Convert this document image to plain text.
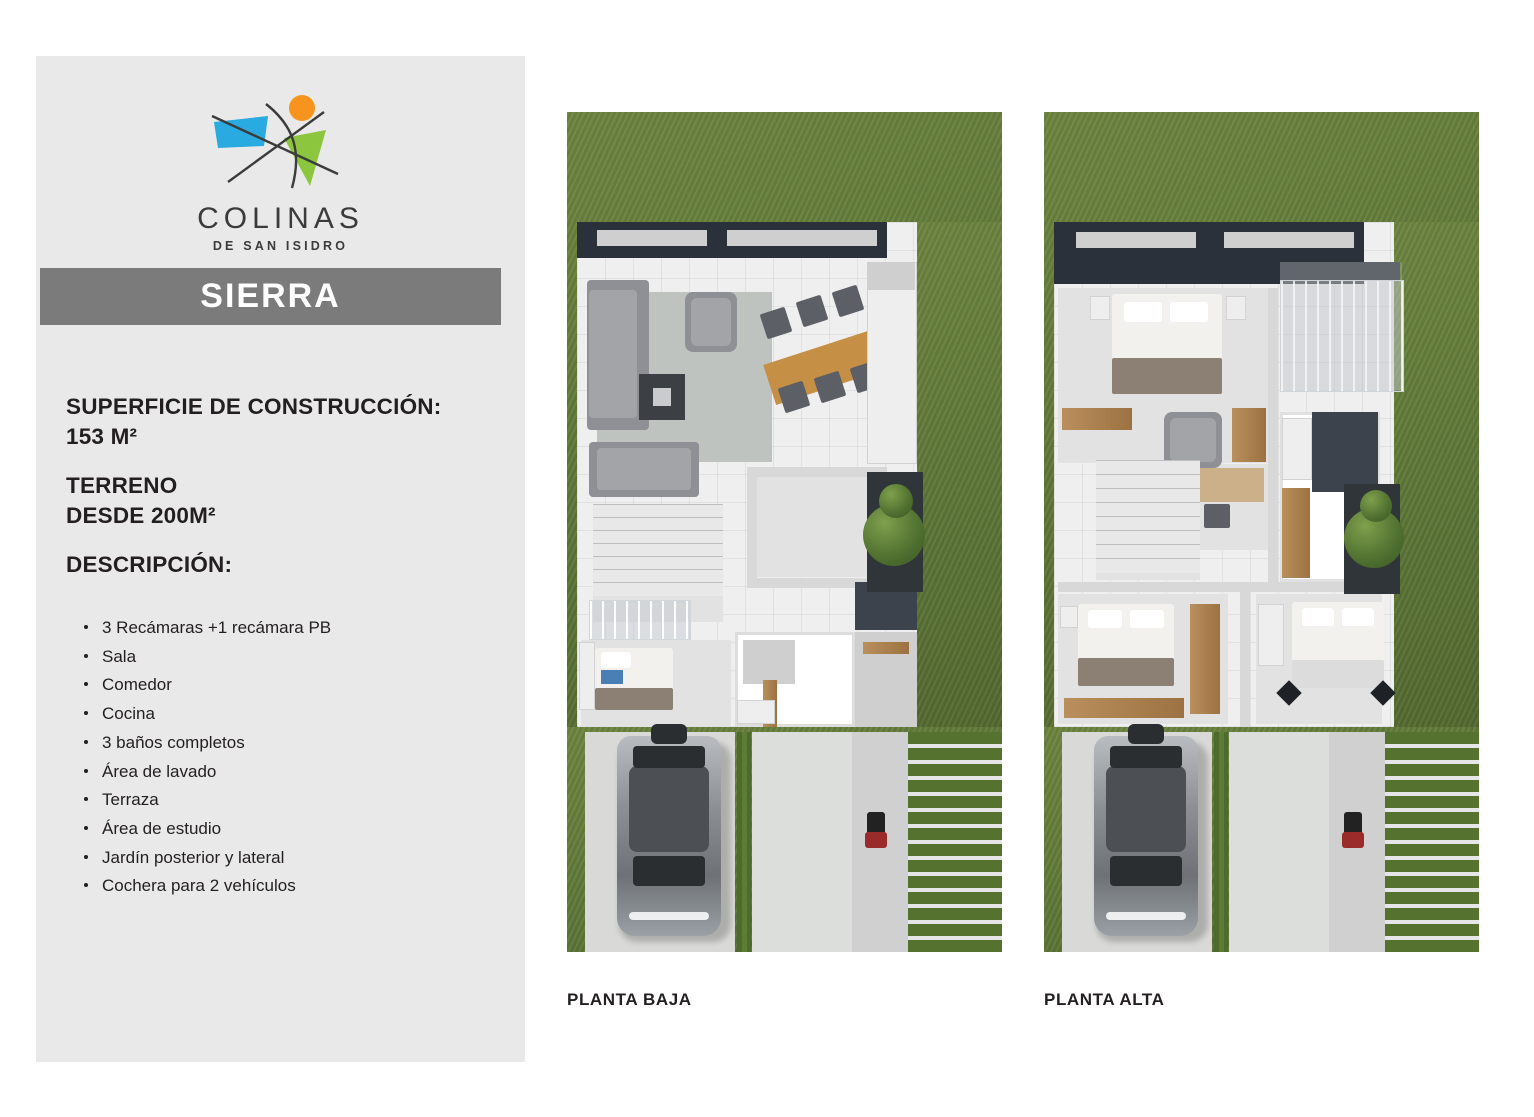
COLINAS
DE SAN ISIDRO
SIERRA
SUPERFICIE DE CONSTRUCCIÓN:
153 M²
TERRENO
DESDE 200M²
DESCRIPCIÓN:
3 Recámaras +1 recámara PB
Sala
Comedor
Cocina
3 baños completos
Área de lavado
Terraza
Área de estudio
Jardín posterior y lateral
Cochera para 2 vehículos
PLANTA BAJA	PLANTA ALTA
